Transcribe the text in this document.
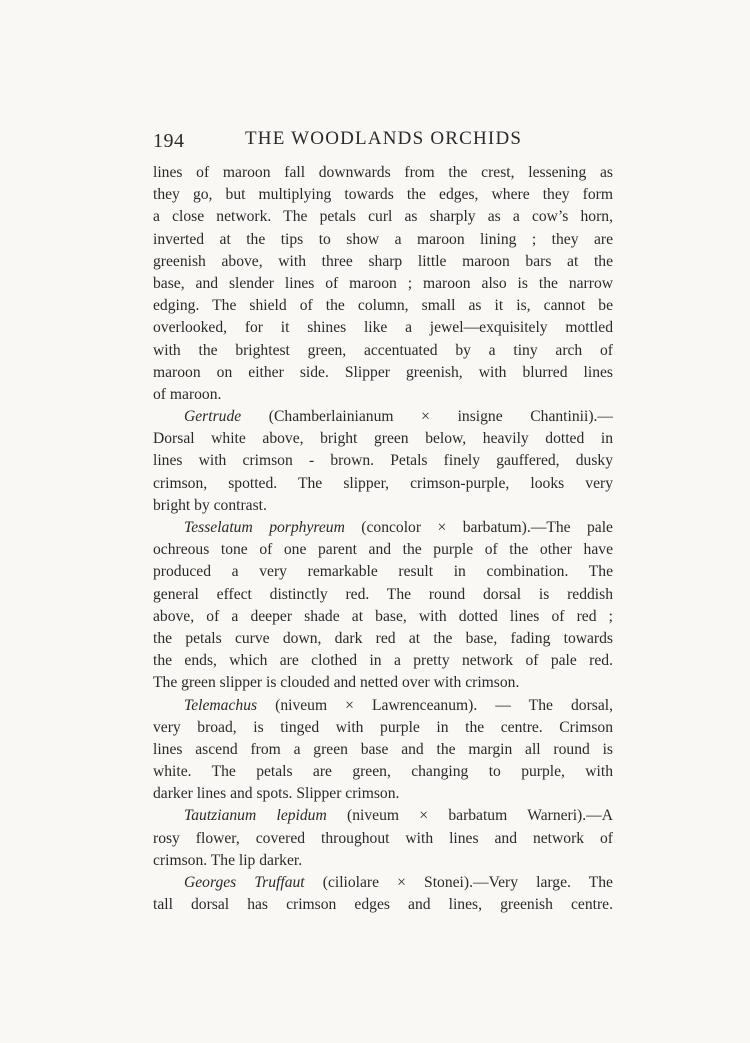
194	THE WOODLANDS ORCHIDS
lines of maroon fall downwards from the crest, lessening as
they go, but multiplying towards the edges, where they form
a close network. The petals curl as sharply as a cow’s horn,
inverted at the tips to show a maroon lining ; they are
greenish above, with three sharp little maroon bars at the
base, and slender lines of maroon ; maroon also is the narrow
edging. The shield of the column, small as it is, cannot be
overlooked, for it shines like a jewel—exquisitely mottled
with the brightest green, accentuated by a tiny arch of
maroon on either side. Slipper greenish, with blurred lines
of maroon.
Gertrude (Chamberlainianum × insigne Chantinii).—
Dorsal white above, bright green below, heavily dotted in
lines with crimson - brown. Petals finely gauffered, dusky
crimson, spotted. The slipper, crimson-purple, looks very
bright by contrast.
Tesselatum porphyreum (concolor × barbatum).—The pale
ochreous tone of one parent and the purple of the other have
produced a very remarkable result in combination. The
general effect distinctly red. The round dorsal is reddish
above, of a deeper shade at base, with dotted lines of red ;
the petals curve down, dark red at the base, fading towards
the ends, which are clothed in a pretty network of pale red.
The green slipper is clouded and netted over with crimson.
Telemachus (niveum × Lawrenceanum). — The dorsal,
very broad, is tinged with purple in the centre. Crimson
lines ascend from a green base and the margin all round is
white. The petals are green, changing to purple, with
darker lines and spots. Slipper crimson.
Tautzianum lepidum (niveum × barbatum Warneri).—A
rosy flower, covered throughout with lines and network of
crimson. The lip darker.
Georges Truffaut (ciliolare × Stonei).—Very large. The
tall dorsal has crimson edges and lines, greenish centre.
